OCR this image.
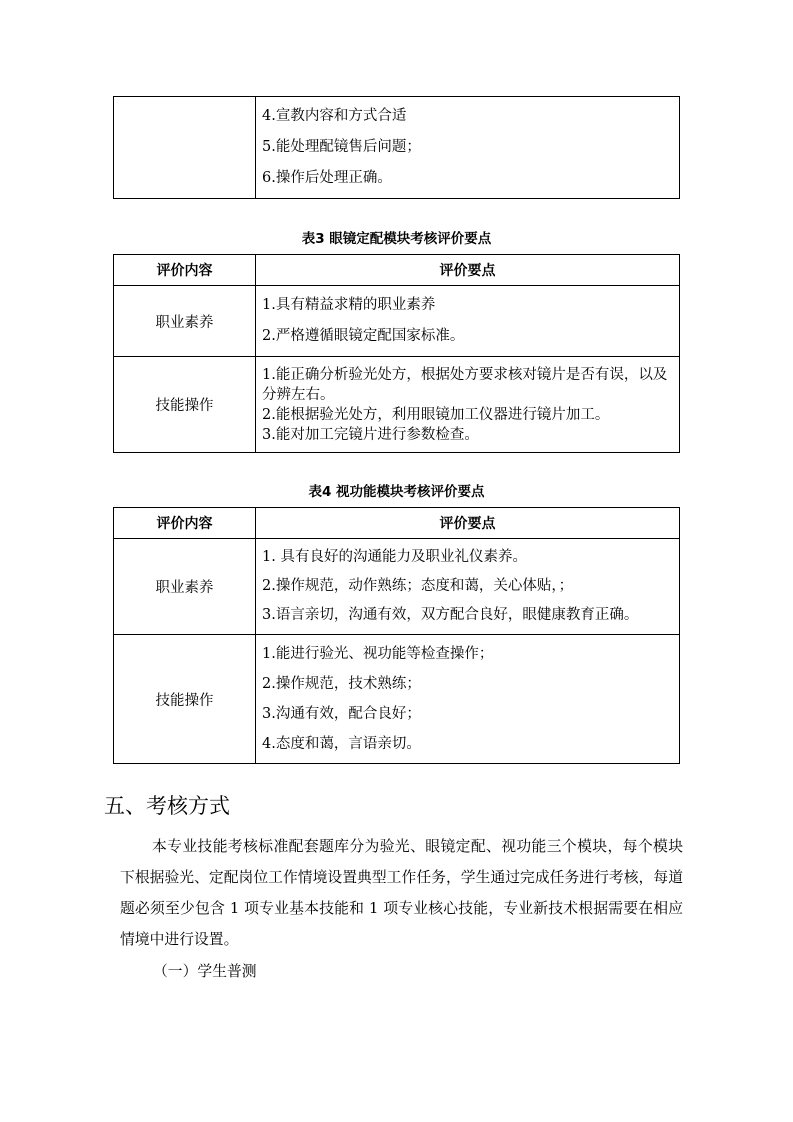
4.宣教内容和方式合适
5.能处理配镜售后问题；
6.操作后处理正确。
表3 眼镜定配模块考核评价要点
评价内容	评价要点
职业素养	1.具有精益求精的职业素养
2.严格遵循眼镜定配国家标准。

技能操作	1.能正确分析验光处方，根据处方要求核对镜片是否有误，以及分辨左右。
2.能根据验光处方，利用眼镜加工仪器进行镜片加工。
3.能对加工完镜片进行参数检查。
表4 视功能模块考核评价要点
评价内容	评价要点
职业素养	1. 具有良好的沟通能力及职业礼仪素养。
2.操作规范，动作熟练；态度和蔼，关心体贴，；
3.语言亲切，沟通有效，双方配合良好，眼健康教育正确。

技能操作	1.能进行验光、视功能等检查操作；
2.操作规范，技术熟练；
3.沟通有效，配合良好；
4.态度和蔼，言语亲切。
五、考核方式

本专业技能考核标准配套题库分为验光、眼镜定配、视功能三个模块，每个模块下根据验光、定配岗位工作情境设置典型工作任务，学生通过完成任务进行考核，每道题必须至少包含 1 项专业基本技能和 1 项专业核心技能，专业新技术根据需要在相应情境中进行设置。

（一）学生普测
